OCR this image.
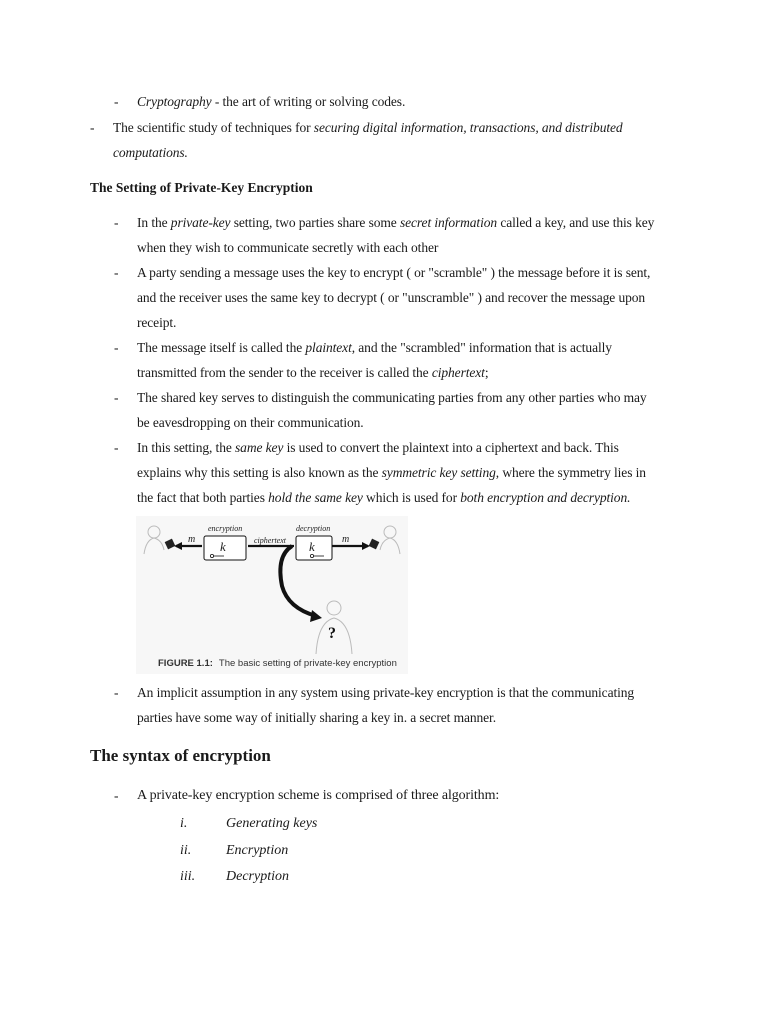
- Cryptography - the art of writing or solving codes.
- The scientific study of techniques for securing digital information, transactions, and distributed
computations.
The Setting of Private-Key Encryption
- In the private-key setting, two parties share some secret information called a key, and use this key
when they wish to communicate secretly with each other
- A party sending a message uses the key to encrypt ( or "scramble" ) the message before it is sent,
and the receiver uses the same key to decrypt ( or "unscramble" ) and recover the message upon
receipt.
- The message itself is called the plaintext, and the "scrambled" information that is actually
transmitted from the sender to the receiver is called the ciphertext;
- The shared key serves to distinguish the communicating parties from any other parties who may
be eavesdropping on their communication.
- In this setting, the same key is used to convert the plaintext into a ciphertext and back. This
explains why this setting is also known as the symmetric key setting, where the symmetry lies in
the fact that both parties hold the same key which is used for both encryption and decryption.
k	k
encryption	decryption
ciphertext
m	m
?
FIGURE 1.1: The basic setting of private-key encryption
- An implicit assumption in any system using private-key encryption is that the communicating
parties have some way of initially sharing a key in. a secret manner.
The syntax of encryption
- A private-key encryption scheme is comprised of three algorithm:
i.	Generating keys
ii. Encryption
iii. Decryption
